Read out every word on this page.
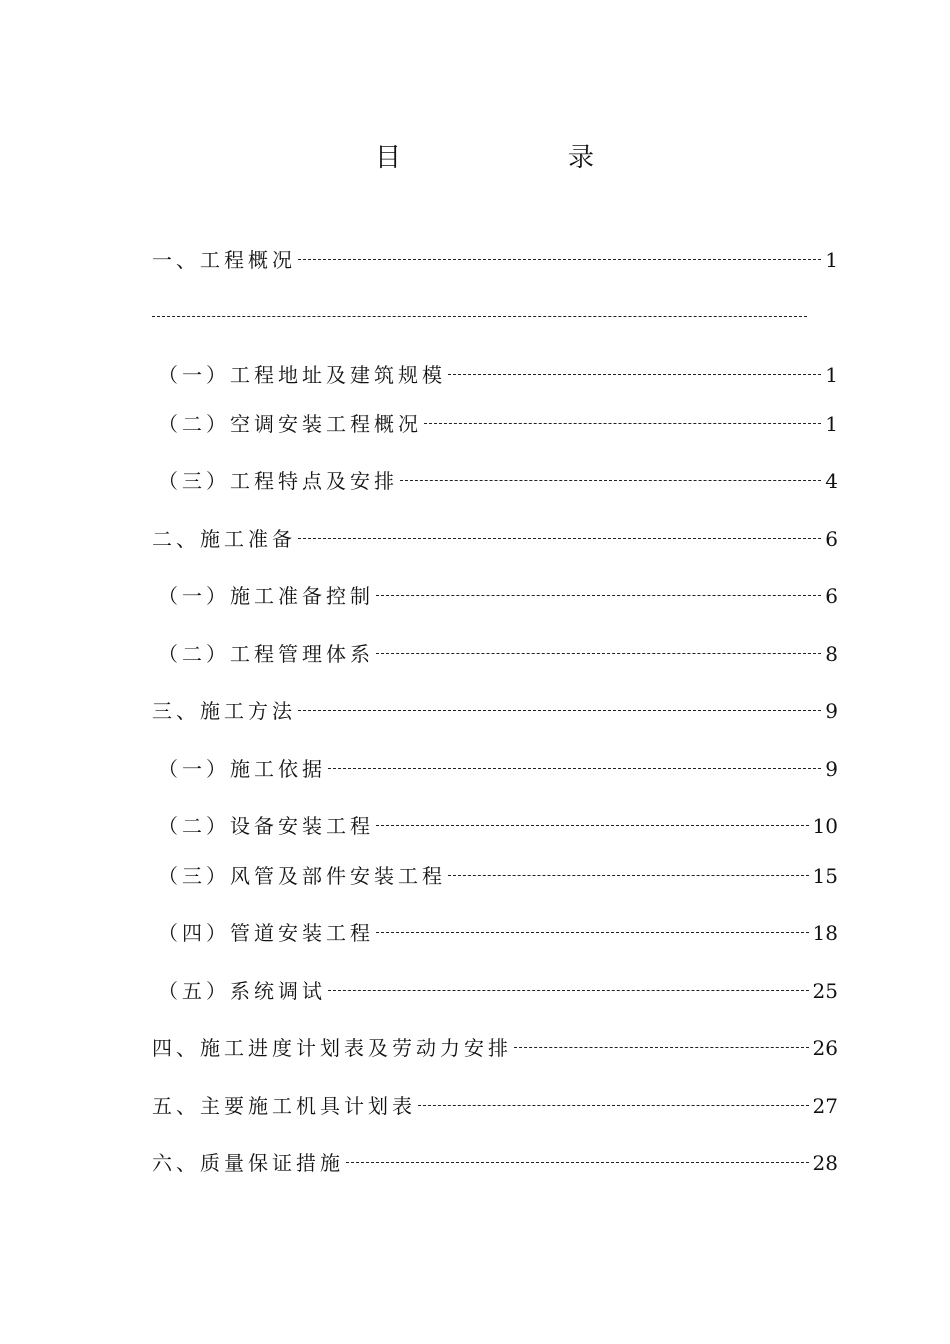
目	录
一、工程概况	1
（一）工程地址及建筑规模	1
（二）空调安装工程概况	1
（三）工程特点及安排	4
二、施工准备	6
（一）施工准备控制	6
（二）工程管理体系	8
三、施工方法	9
（一）施工依据	9
（二）设备安装工程	10
（三）风管及部件安装工程	15
（四）管道安装工程	18
（五）系统调试	25
四、施工进度计划表及劳动力安排	26
五、主要施工机具计划表	27
六、质量保证措施	28
